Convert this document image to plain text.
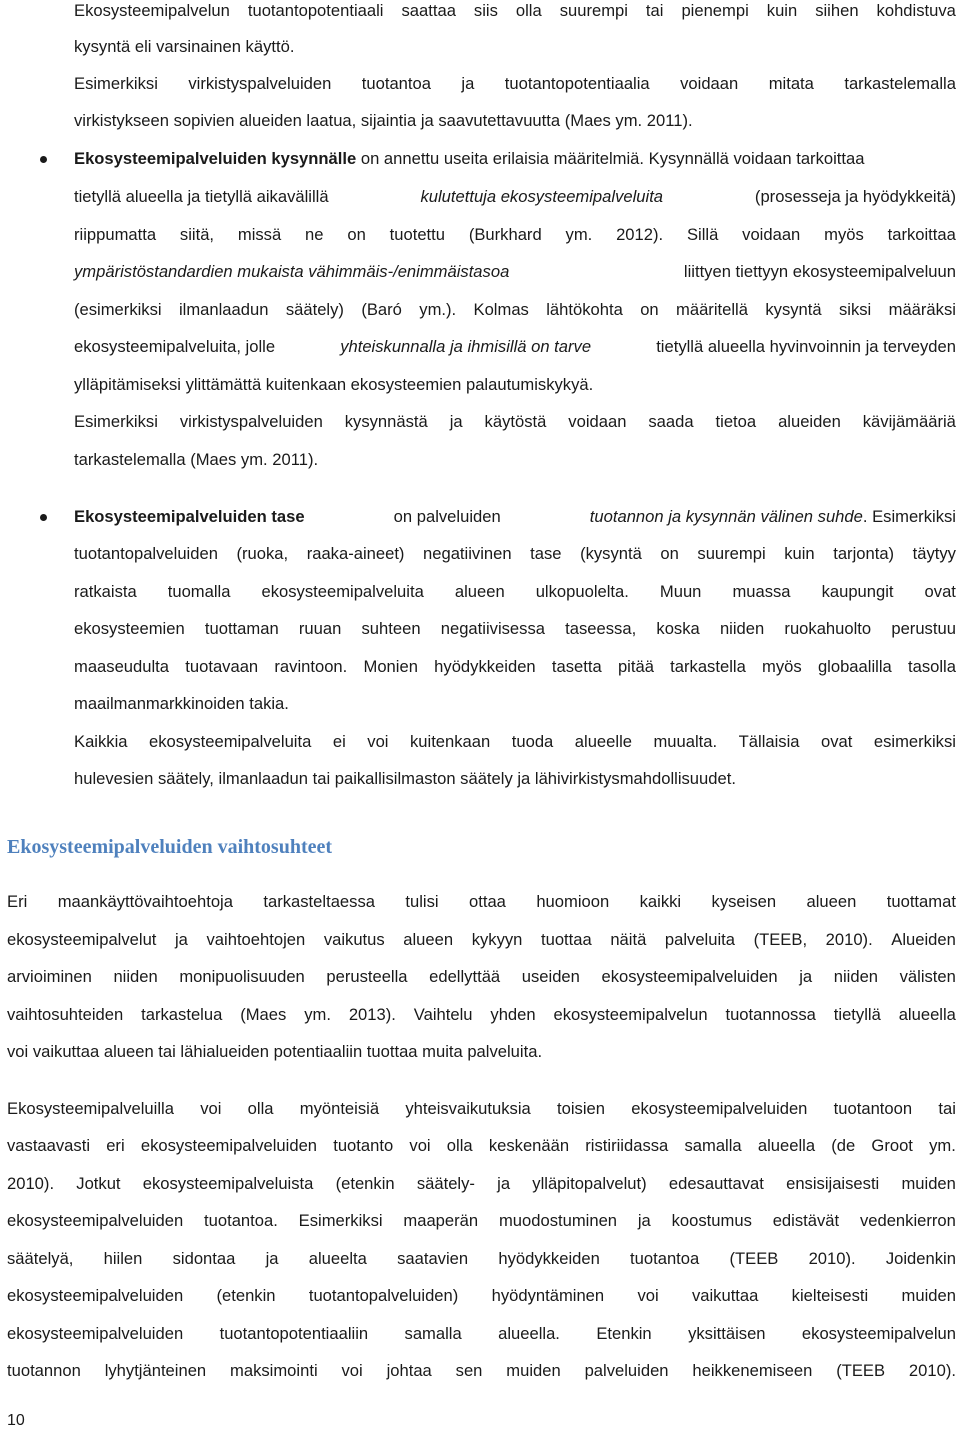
Ekosysteemipalvelun tuotantopotentiaali saattaa siis olla suurempi tai pienempi kuin siihen kohdistuva
kysyntä eli varsinainen käyttö.
Esimerkiksi virkistyspalveluiden tuotantoa ja tuotantopotentiaalia voidaan mitata tarkastelemalla
virkistykseen sopivien alueiden laatua, sijaintia ja saavutettavuutta (Maes ym. 2011).
Ekosysteemipalveluiden kysynnälle on annettu useita erilaisia määritelmiä. Kysynnällä voidaan tarkoittaa
tietyllä alueella ja tietyllä aikavälillä	kulutettuja ekosysteemipalveluita	(prosesseja ja hyödykkeitä)
riippumatta siitä, missä ne on tuotettu (Burkhard ym. 2012). Sillä voidaan myös tarkoittaa
ympäristöstandardien mukaista vähimmäis-/enimmäistasoa	liittyen tiettyyn ekosysteemipalveluun
(esimerkiksi ilmanlaadun säätely) (Baró ym.). Kolmas lähtökohta on määritellä kysyntä siksi määräksi
ekosysteemipalveluita, jolle	yhteiskunnalla ja ihmisillä on tarve	tietyllä alueella hyvinvoinnin ja terveyden
ylläpitämiseksi ylittämättä kuitenkaan ekosysteemien palautumiskykyä.
Esimerkiksi virkistyspalveluiden kysynnästä ja käytöstä voidaan saada tietoa alueiden kävijämääriä
tarkastelemalla (Maes ym. 2011).
Ekosysteemipalveluiden tase	on palveluiden	tuotannon ja kysynnän välinen suhde. Esimerkiksi
tuotantopalveluiden (ruoka, raaka-aineet) negatiivinen tase (kysyntä on suurempi kuin tarjonta) täytyy
ratkaista tuomalla ekosysteemipalveluita alueen ulkopuolelta. Muun muassa kaupungit ovat
ekosysteemien tuottaman ruuan suhteen negatiivisessa taseessa, koska niiden ruokahuolto perustuu
maaseudulta tuotavaan ravintoon. Monien hyödykkeiden tasetta pitää tarkastella myös globaalilla tasolla
maailmanmarkkinoiden takia.
Kaikkia ekosysteemipalveluita ei voi kuitenkaan tuoda alueelle muualta. Tällaisia ovat esimerkiksi
hulevesien säätely, ilmanlaadun tai paikallisilmaston säätely ja lähivirkistysmahdollisuudet.
Ekosysteemipalveluiden vaihtosuhteet
Eri maankäyttövaihtoehtoja tarkasteltaessa tulisi ottaa huomioon kaikki kyseisen alueen tuottamat
ekosysteemipalvelut ja vaihtoehtojen vaikutus alueen kykyyn tuottaa näitä palveluita (TEEB, 2010). Alueiden
arvioiminen niiden monipuolisuuden perusteella edellyttää useiden ekosysteemipalveluiden ja niiden välisten
vaihtosuhteiden tarkastelua (Maes ym. 2013). Vaihtelu yhden ekosysteemipalvelun tuotannossa tietyllä alueella
voi vaikuttaa alueen tai lähialueiden potentiaaliin tuottaa muita palveluita.
Ekosysteemipalveluilla voi olla myönteisiä yhteisvaikutuksia toisien ekosysteemipalveluiden tuotantoon tai
vastaavasti eri ekosysteemipalveluiden tuotanto voi olla keskenään ristiriidassa samalla alueella (de Groot ym.
2010). Jotkut ekosysteemipalveluista (etenkin säätely- ja ylläpitopalvelut) edesauttavat ensisijaisesti muiden
ekosysteemipalveluiden tuotantoa. Esimerkiksi maaperän muodostuminen ja koostumus edistävät vedenkierron
säätelyä, hiilen sidontaa ja alueelta saatavien hyödykkeiden tuotantoa (TEEB 2010). Joidenkin
ekosysteemipalveluiden (etenkin tuotantopalveluiden) hyödyntäminen voi vaikuttaa kielteisesti muiden
ekosysteemipalveluiden tuotantopotentiaaliin samalla alueella. Etenkin yksittäisen ekosysteemipalvelun
tuotannon lyhytjänteinen maksimointi voi johtaa sen muiden palveluiden heikkenemiseen (TEEB 2010).
10
